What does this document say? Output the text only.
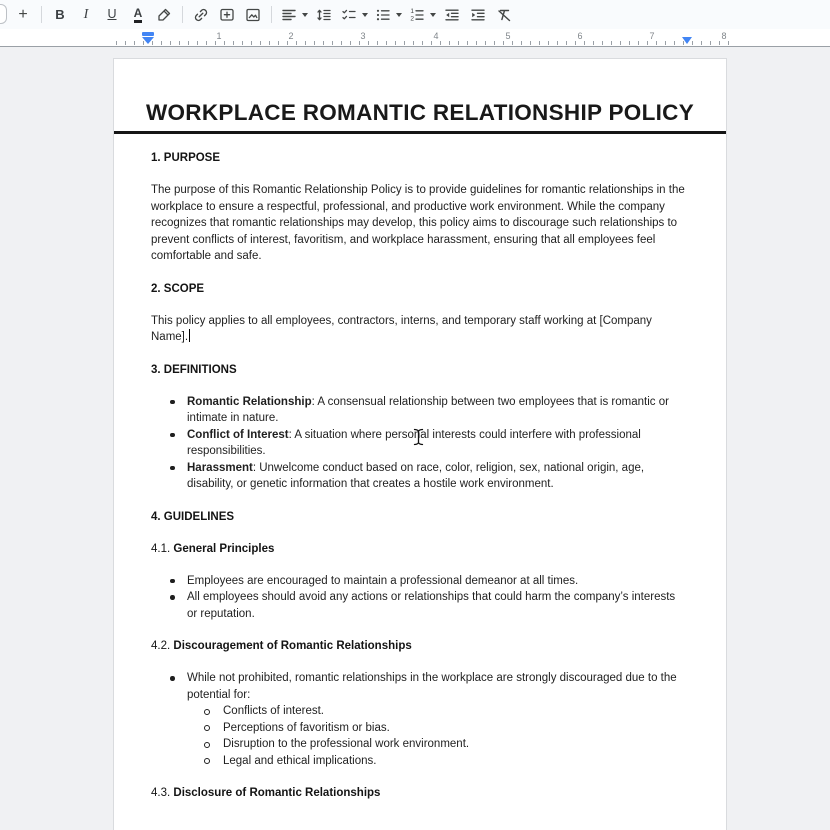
+ B I U A	1
2
1	2	3	4	5	6	7	8
WORKPLACE ROMANTIC RELATIONSHIP POLICY
1. PURPOSE

The purpose of this Romantic Relationship Policy is to provide guidelines for romantic relationships in the workplace to ensure a respectful, professional, and productive work environment. While the company recognizes that romantic relationships may develop, this policy aims to discourage such relationships to prevent conflicts of interest, favoritism, and workplace harassment, ensuring that all employees feel comfortable and safe.

2. SCOPE

This policy applies to all employees, contractors, interns, and temporary staff working at [Company Name].

3. DEFINITIONS
Romantic Relationship: A consensual relationship between two employees that is romantic or intimate in nature.
Conflict of Interest: A situation where personal interests could interfere with professional responsibilities.
Harassment: Unwelcome conduct based on race, color, religion, sex, national origin, age, disability, or genetic information that creates a hostile work environment.
4. GUIDELINES
4.1. General Principles
Employees are encouraged to maintain a professional demeanor at all times.
All employees should avoid any actions or relationships that could harm the company’s interests or reputation.
4.2. Discouragement of Romantic Relationships
While not prohibited, romantic relationships in the workplace are strongly discouraged due to the potential for:
Conflicts of interest.
Perceptions of favoritism or bias.
Disruption to the professional work environment.
Legal and ethical implications.
4.3. Disclosure of Romantic Relationships
